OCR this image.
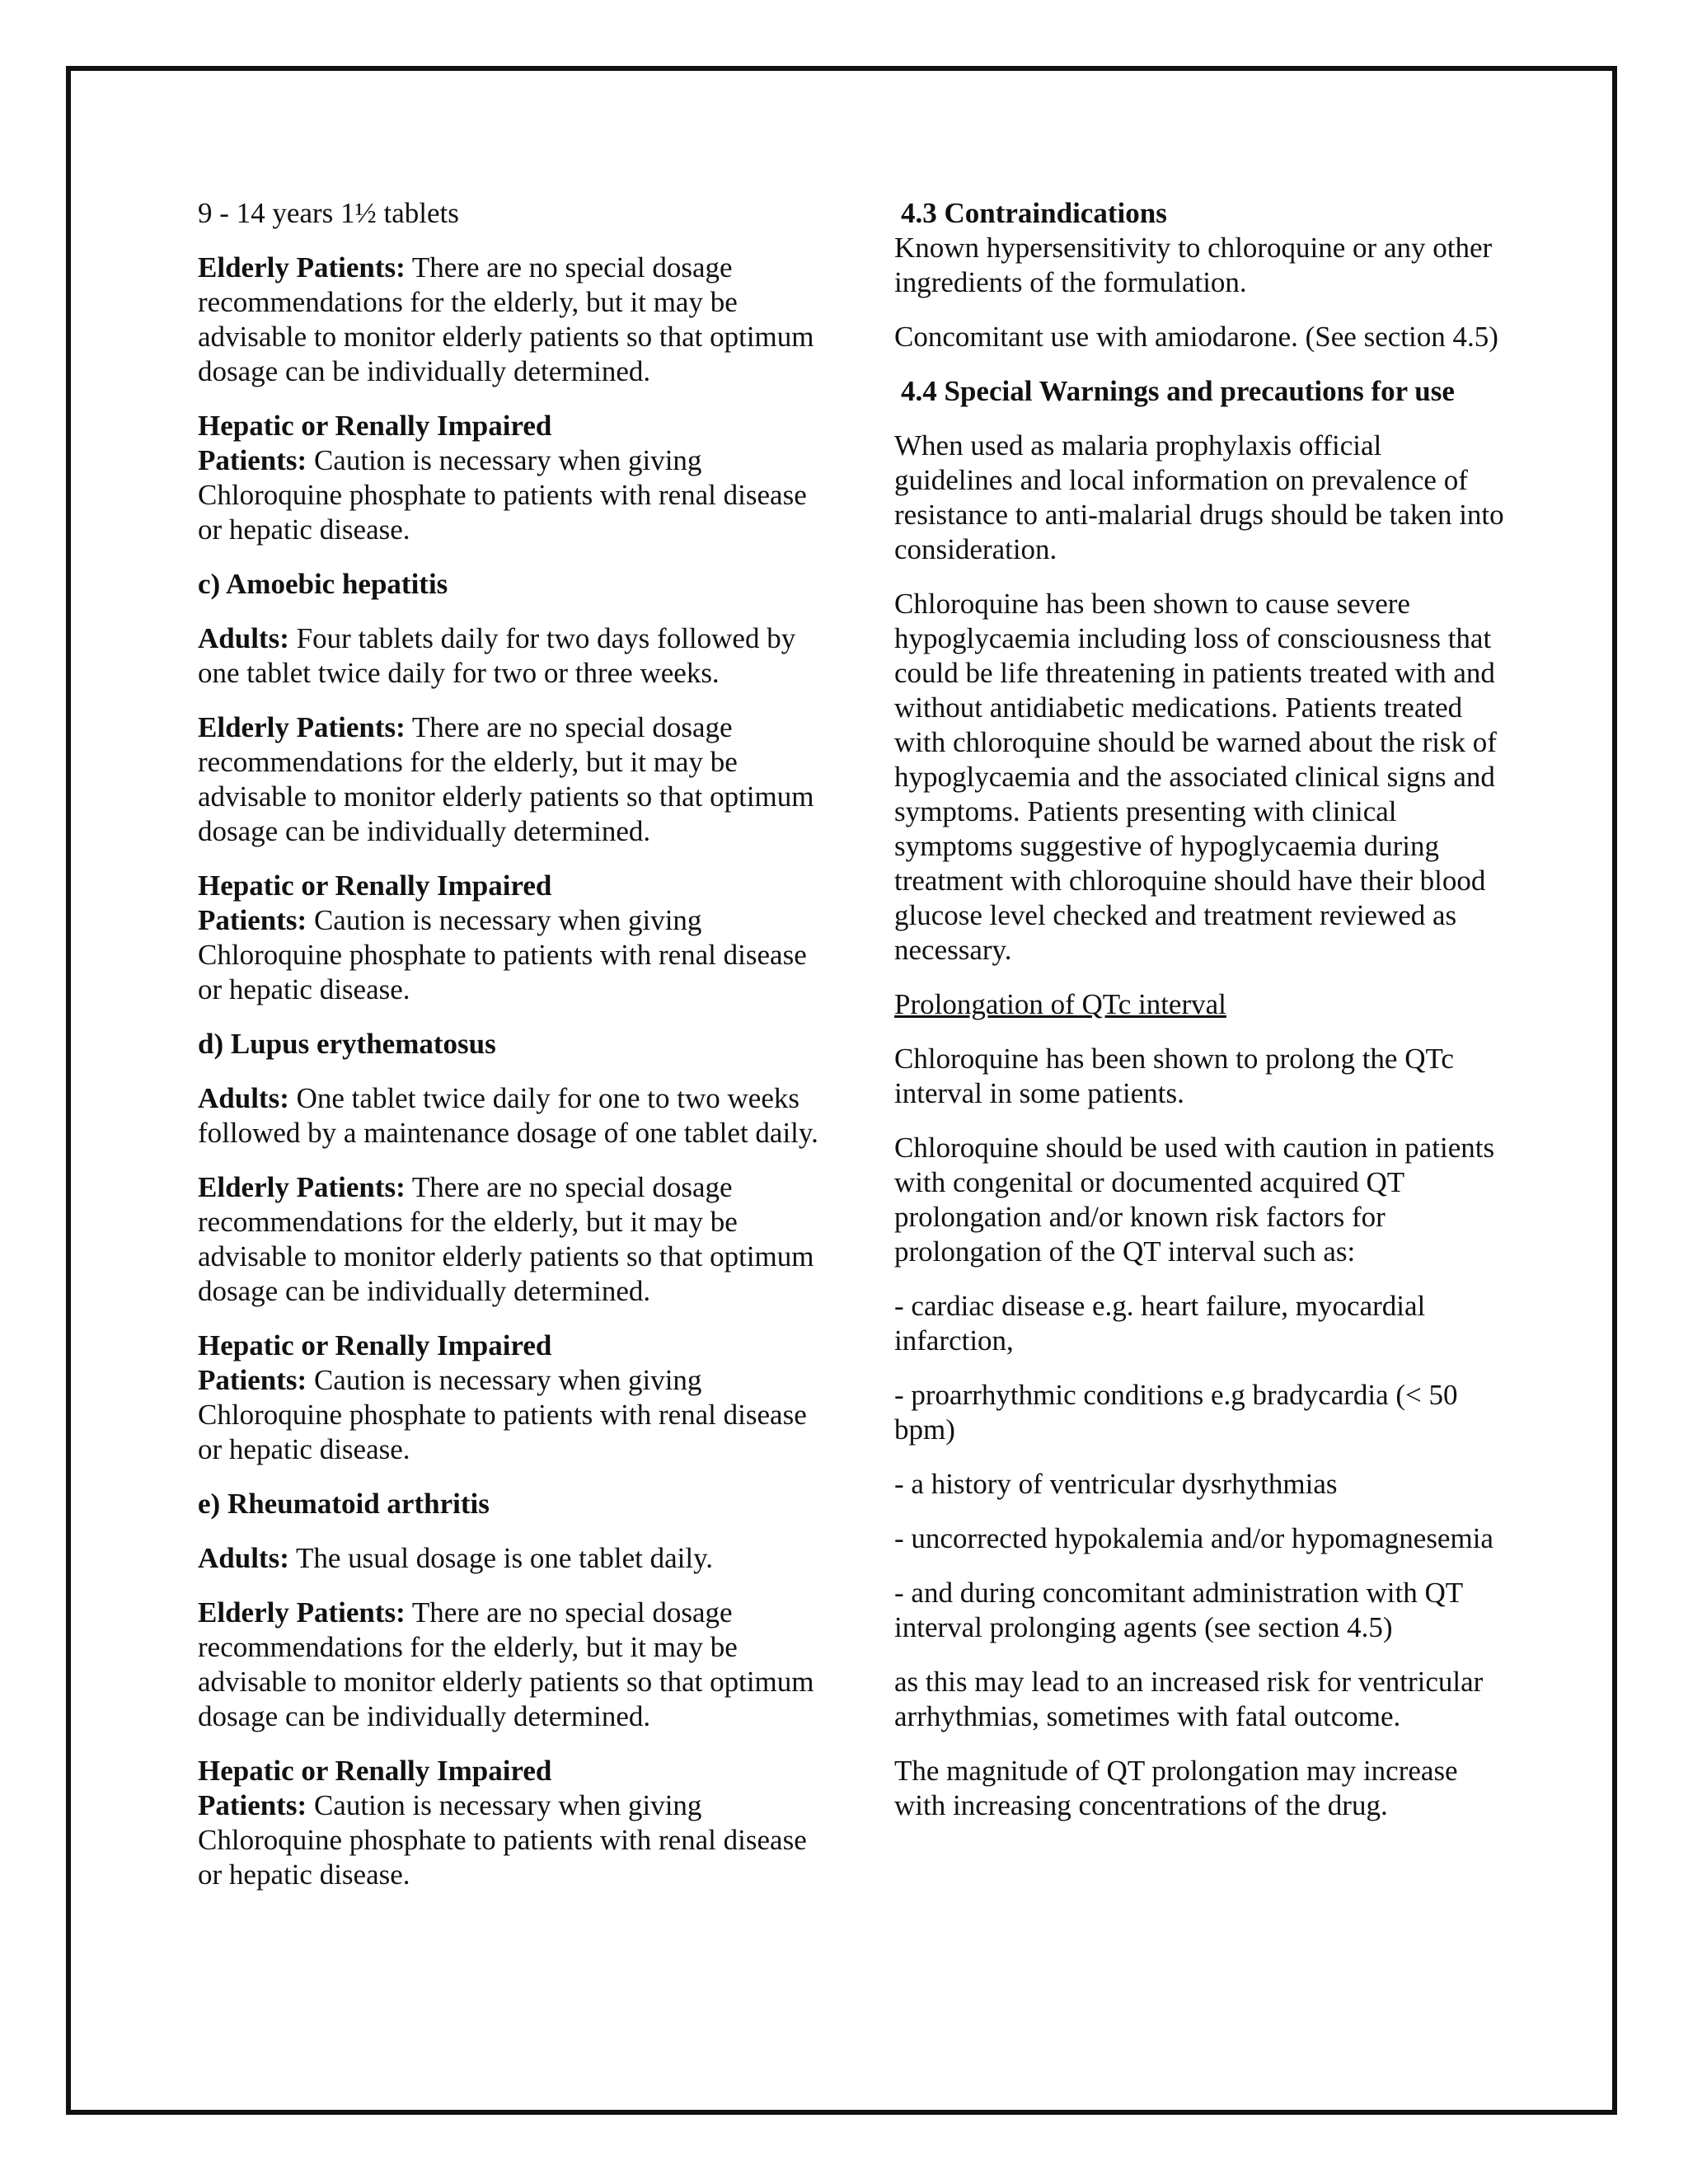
9 - 14 years 1½ tablets

Elderly Patients: There are no special dosage recommendations for the elderly, but it may be advisable to monitor elderly patients so that optimum dosage can be individually determined.

Hepatic or Renally Impaired
Patients: Caution is necessary when giving Chloroquine phosphate to patients with renal disease or hepatic disease.

c) Amoebic hepatitis

Adults: Four tablets daily for two days followed by one tablet twice daily for two or three weeks.

Elderly Patients: There are no special dosage recommendations for the elderly, but it may be advisable to monitor elderly patients so that optimum dosage can be individually determined.

Hepatic or Renally Impaired
Patients: Caution is necessary when giving Chloroquine phosphate to patients with renal disease or hepatic disease.

d) Lupus erythematosus

Adults: One tablet twice daily for one to two weeks followed by a maintenance dosage of one tablet daily.

Elderly Patients: There are no special dosage recommendations for the elderly, but it may be advisable to monitor elderly patients so that optimum dosage can be individually determined.

Hepatic or Renally Impaired
Patients: Caution is necessary when giving Chloroquine phosphate to patients with renal disease or hepatic disease.

e) Rheumatoid arthritis

Adults: The usual dosage is one tablet daily.

Elderly Patients: There are no special dosage recommendations for the elderly, but it may be advisable to monitor elderly patients so that optimum dosage can be individually determined.

Hepatic or Renally Impaired
Patients: Caution is necessary when giving Chloroquine phosphate to patients with renal disease or hepatic disease.

4.3 Contraindications

Known hypersensitivity to chloroquine or any other ingredients of the formulation.

Concomitant use with amiodarone. (See section 4.5)

4.4 Special Warnings and precautions for use

When used as malaria prophylaxis official guidelines and local information on prevalence of resistance to anti-malarial drugs should be taken into consideration.

Chloroquine has been shown to cause severe hypoglycaemia including loss of consciousness that could be life threatening in patients treated with and without antidiabetic medications. Patients treated with chloroquine should be warned about the risk of hypoglycaemia and the associated clinical signs and symptoms. Patients presenting with clinical symptoms suggestive of hypoglycaemia during treatment with chloroquine should have their blood glucose level checked and treatment reviewed as necessary.

Prolongation of QTc interval

Chloroquine has been shown to prolong the QTc interval in some patients.

Chloroquine should be used with caution in patients with congenital or documented acquired QT prolongation and/or known risk factors for prolongation of the QT interval such as:

- cardiac disease e.g. heart failure, myocardial infarction,

- proarrhythmic conditions e.g bradycardia (< 50 bpm)

- a history of ventricular dysrhythmias

- uncorrected hypokalemia and/or hypomagnesemia

- and during concomitant administration with QT interval prolonging agents (see section 4.5)

as this may lead to an increased risk for ventricular arrhythmias, sometimes with fatal outcome.

The magnitude of QT prolongation may increase with increasing concentrations of the drug.
